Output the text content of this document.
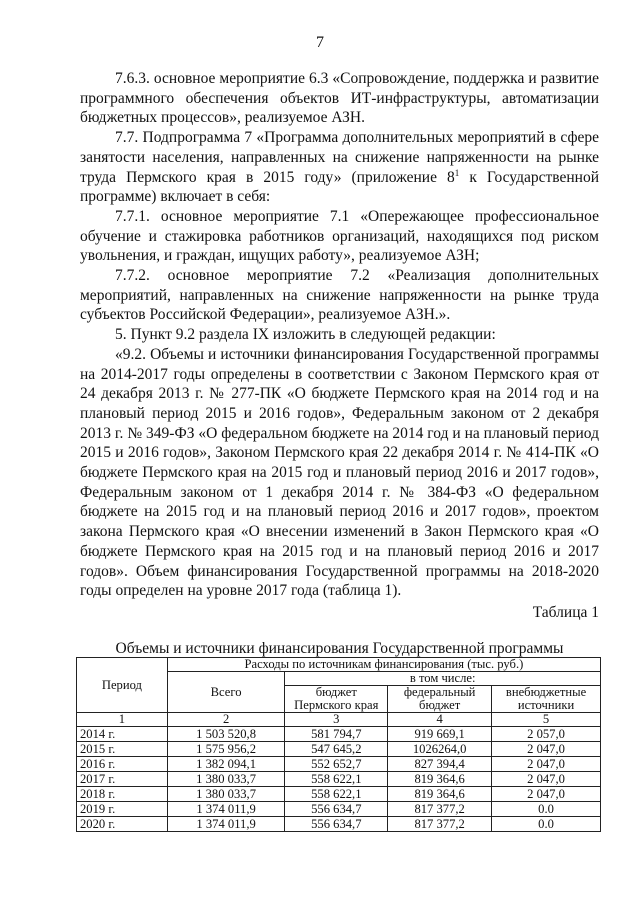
7

7.6.3. основное мероприятие 6.3 «Сопровождение, поддержка и развитие программного обеспечения объектов ИТ-инфраструктуры, автоматизации бюджетных процессов», реализуемое АЗН.

7.7. Подпрограмма 7 «Программа дополнительных мероприятий в сфере занятости населения, направленных на снижение напряженности на рынке труда Пермского края в 2015 году» (приложение $8^1$ к Государственной программе) включает в себя:

7.7.1. основное мероприятие 7.1 «Опережающее профессиональное обучение и стажировка работников организаций, находящихся под риском увольнения, и граждан, ищущих работу», реализуемое АЗН;

7.7.2. основное мероприятие 7.2 «Реализация дополнительных мероприятий, направленных на снижение напряженности на рынке труда субъектов Российской Федерации», реализуемое АЗН.».

5. Пункт 9.2 раздела IX изложить в следующей редакции:

«9.2. Объемы и источники финансирования Государственной программы на 2014-2017 годы определены в соответствии с Законом Пермского края от 24 декабря 2013 г. № 277-ПК «О бюджете Пермского края на 2014 год и на плановый период 2015 и 2016 годов», Федеральным законом от 2 декабря 2013 г. № 349-ФЗ «О федеральном бюджете на 2014 год и на плановый период 2015 и 2016 годов», Законом Пермского края 22 декабря 2014 г. № 414-ПК «О бюджете Пермского края на 2015 год и плановый период 2016 и 2017 годов», Федеральным законом от 1 декабря 2014 г. № 384-ФЗ «О федеральном бюджете на 2015 год и на плановый период 2016 и 2017 годов», проектом закона Пермского края «О внесении изменений в Закон Пермского края «О бюджете Пермского края на 2015 год и на плановый период 2016 и 2017 годов». Объем финансирования Государственной программы на 2018-2020 годы определен на уровне 2017 года (таблица 1).

Таблица 1
Объемы и источники финансирования Государственной программы
Период	Расходы по источникам финансирования (тыс. руб.)			
	Всего	в том числе:		
		бюджет Пермского края	федеральный бюджет	внебюджетные источники
1	2	3	4	5
2014 г.	1 503 520,8	581 794,7	919 669,1	2 057,0
2015 г.	1 575 956,2	547 645,2	1026264,0	2 047,0
2016 г.	1 382 094,1	552 652,7	827 394,4	2 047,0
2017 г.	1 380 033,7	558 622,1	819 364,6	2 047,0
2018 г.	1 380 033,7	558 622,1	819 364,6	2 047,0
2019 г.	1 374 011,9	556 634,7	817 377,2	0.0
2020 г.	1 374 011,9	556 634,7	817 377,2	0.0
